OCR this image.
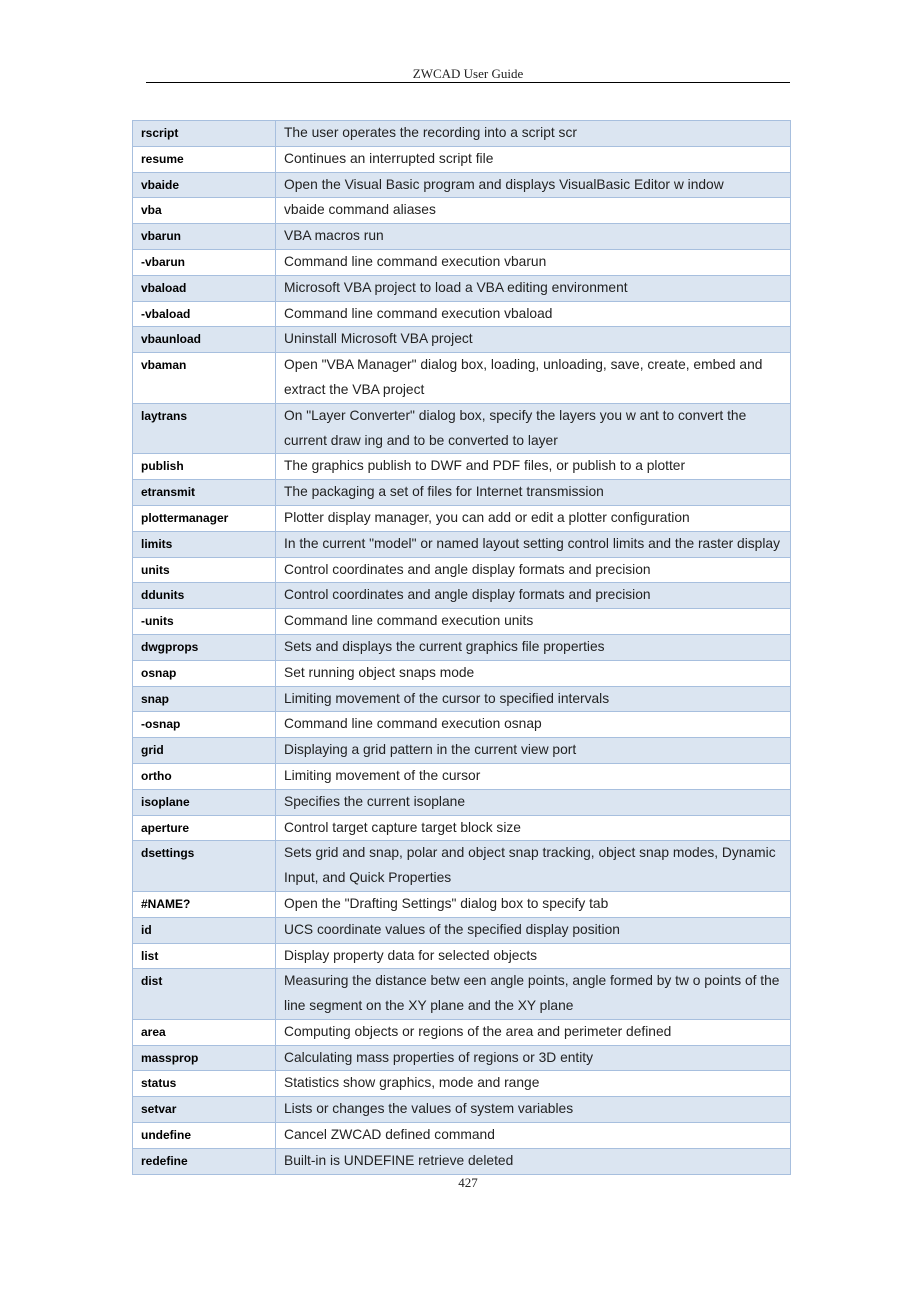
ZWCAD User Guide
rscript	The user operates the recording into a script scr
resume	Continues an interrupted script file
vbaide	Open the Visual Basic program and displays VisualBasic Editor w indow
vba	vbaide command aliases
vbarun	VBA macros run
-vbarun	Command line command execution vbarun
vbaload	Microsoft VBA project to load a VBA editing environment
-vbaload	Command line command execution vbaload
vbaunload	Uninstall Microsoft VBA project
vbaman	Open "VBA Manager" dialog box, loading, unloading, save, create, embed and extract the VBA project
laytrans	On "Layer Converter" dialog box, specify the layers you w ant to convert the current draw ing and to be converted to layer
publish	The graphics publish to DWF and PDF files, or publish to a plotter
etransmit	The packaging a set of files for Internet transmission
plottermanager	Plotter display manager, you can add or edit a plotter configuration
limits	In the current "model" or named layout setting control limits and the raster display
units	Control coordinates and angle display formats and precision
ddunits	Control coordinates and angle display formats and precision
-units	Command line command execution units
dwgprops	Sets and displays the current graphics file properties
osnap	Set running object snaps mode
snap	Limiting movement of the cursor to specified intervals
-osnap	Command line command execution osnap
grid	Displaying a grid pattern in the current view port
ortho	Limiting movement of the cursor
isoplane	Specifies the current isoplane
aperture	Control target capture target block size
dsettings	Sets grid and snap, polar and object snap tracking, object snap modes, Dynamic Input, and Quick Properties
#NAME?	Open the "Drafting Settings" dialog box to specify tab
id	UCS coordinate values of the specified display position
list	Display property data for selected objects
dist	Measuring the distance betw een angle points, angle formed by tw o points of the line segment on the XY plane and the XY plane
area	Computing objects or regions of the area and perimeter defined
massprop	Calculating mass properties of regions or 3D entity
status	Statistics show graphics, mode and range
setvar	Lists or changes the values of system variables
undefine	Cancel ZWCAD defined command
redefine	Built-in is UNDEFINE retrieve deleted
427
